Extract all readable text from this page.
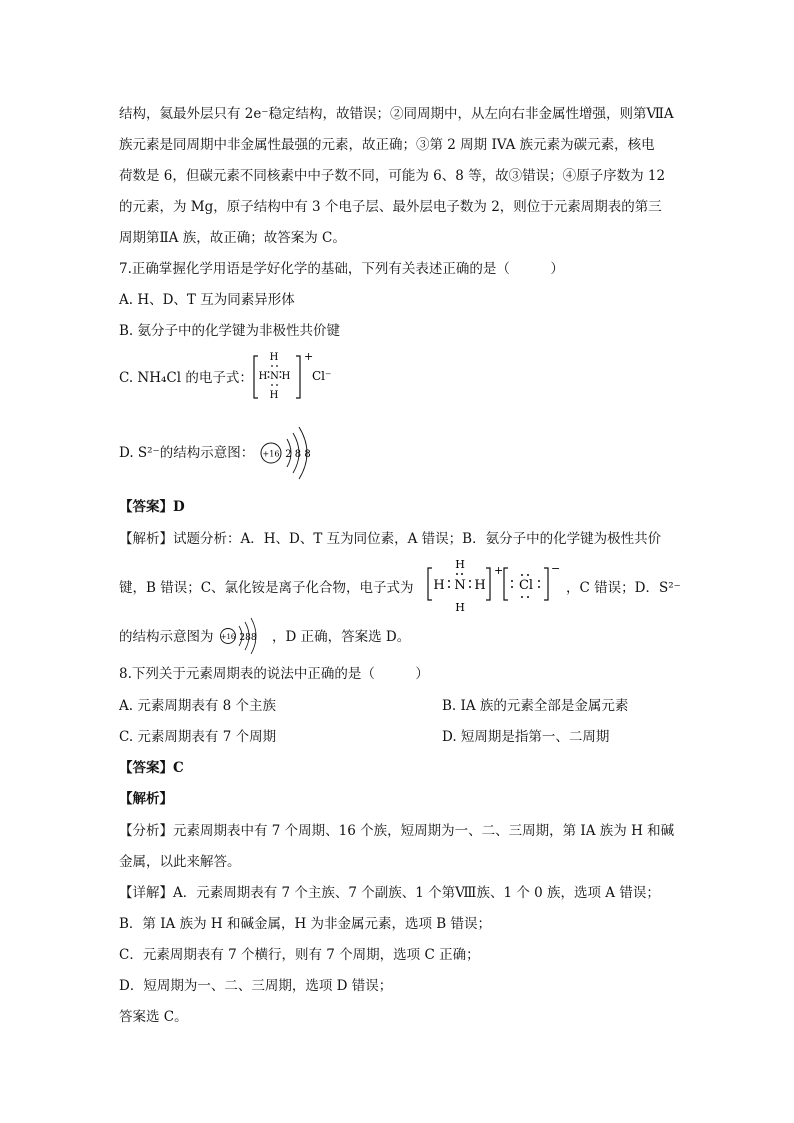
结构，氦最外层只有 2e⁻稳定结构，故错误；②同周期中，从左向右非金属性增强，则第ⅦA
族元素是同周期中非金属性最强的元素，故正确；③第 2 周期 IVA 族元素为碳元素，核电
荷数是 6，但碳元素不同核素中中子数不同，可能为 6、8 等，故③错误；④原子序数为 12
的元素，为 Mg，原子结构中有 3 个电子层、最外层电子数为 2，则位于元素周期表的第三
周期第ⅡA 族，故正确；故答案为 C。
7.正确掌握化学用语是学好化学的基础，下列有关表述正确的是（　　　）
A. H、D、T 互为同素异形体
B. 氨分子中的化学键为非极性共价键
C. NH₄Cl 的电子式：
H
H
H H
N
+
Cl⁻
D. S²⁻的结构示意图： +16 2 8 8
【答案】D
【解析】试题分析：A．H、D、T 互为同位素，A 错误；B．氨分子中的化学键为极性共价
键，B 错误；C、氯化铵是离子化合物，电子式为
H
H
H H
N
+
Cl
−
，C 错误；D．S²⁻
的结构示意图为 +16 288 ，D 正确，答案选 D。
8.下列关于元素周期表的说法中正确的是（　　　）
A. 元素周期表有 8 个主族	B. IA 族的元素全部是金属元素
C. 元素周期表有 7 个周期	D. 短周期是指第一、二周期
【答案】C
【解析】
【分析】元素周期表中有 7 个周期、16 个族，短周期为一、二、三周期，第 IA 族为 H 和碱
金属，以此来解答。
【详解】A．元素周期表有 7 个主族、7 个副族、1 个第Ⅷ族、1 个 0 族，选项 A 错误；
B．第 IA 族为 H 和碱金属，H 为非金属元素，选项 B 错误；
C．元素周期表有 7 个横行，则有 7 个周期，选项 C 正确；
D．短周期为一、二、三周期，选项 D 错误；
答案选 C。
